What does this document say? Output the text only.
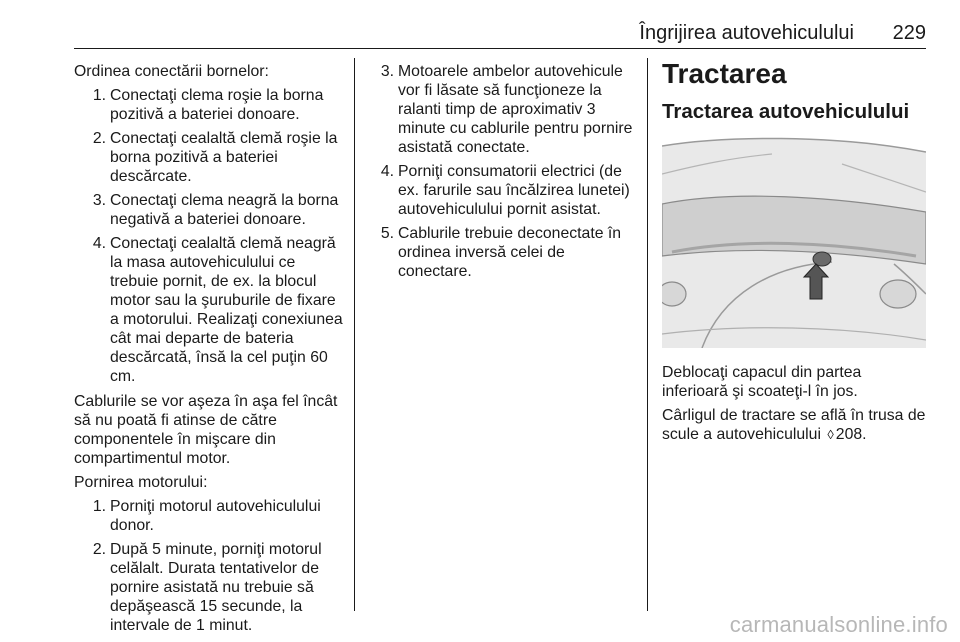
Îngrijirea autovehiculului 229

Ordinea conectării bornelor:

1. Conectaţi clema roşie la borna pozitivă a bateriei donoare.
2. Conectaţi cealaltă clemă roşie la borna pozitivă a bateriei descărcate.
3. Conectaţi clema neagră la borna negativă a bateriei donoare.
4. Conectaţi cealaltă clemă neagră la masa autovehiculului ce trebuie pornit, de ex. la blocul motor sau la şuruburile de fixare a motorului. Realizaţi conexiunea cât mai departe de bateria descărcată, însă la cel puţin 60 cm.

Cablurile se vor aşeza în aşa fel încât să nu poată fi atinse de către componentele în mişcare din compartimentul motor.

Pornirea motorului:

1. Porniţi motorul autovehiculului donor.
2. După 5 minute, porniţi motorul celălalt. Durata tentativelor de pornire asistată nu trebuie să depăşească 15 secunde, la intervale de 1 minut.
3. Motoarele ambelor autovehicule vor fi lăsate să funcţioneze la ralanti timp de aproximativ 3 minute cu cablurile pentru pornire asistată conectate.
4. Porniţi consumatorii electrici (de ex. farurile sau încălzirea lunetei) autovehiculului pornit asistat.
5. Cablurile trebuie deconectate în ordinea inversă celei de conectare.
Tractarea
Tractarea autovehiculului

Deblocaţi capacul din partea inferioară şi scoateţi-l în jos.

Cârligul de tractare se află în trusa de scule a autovehiculului ◊ 208.

carmanualsonline.info
